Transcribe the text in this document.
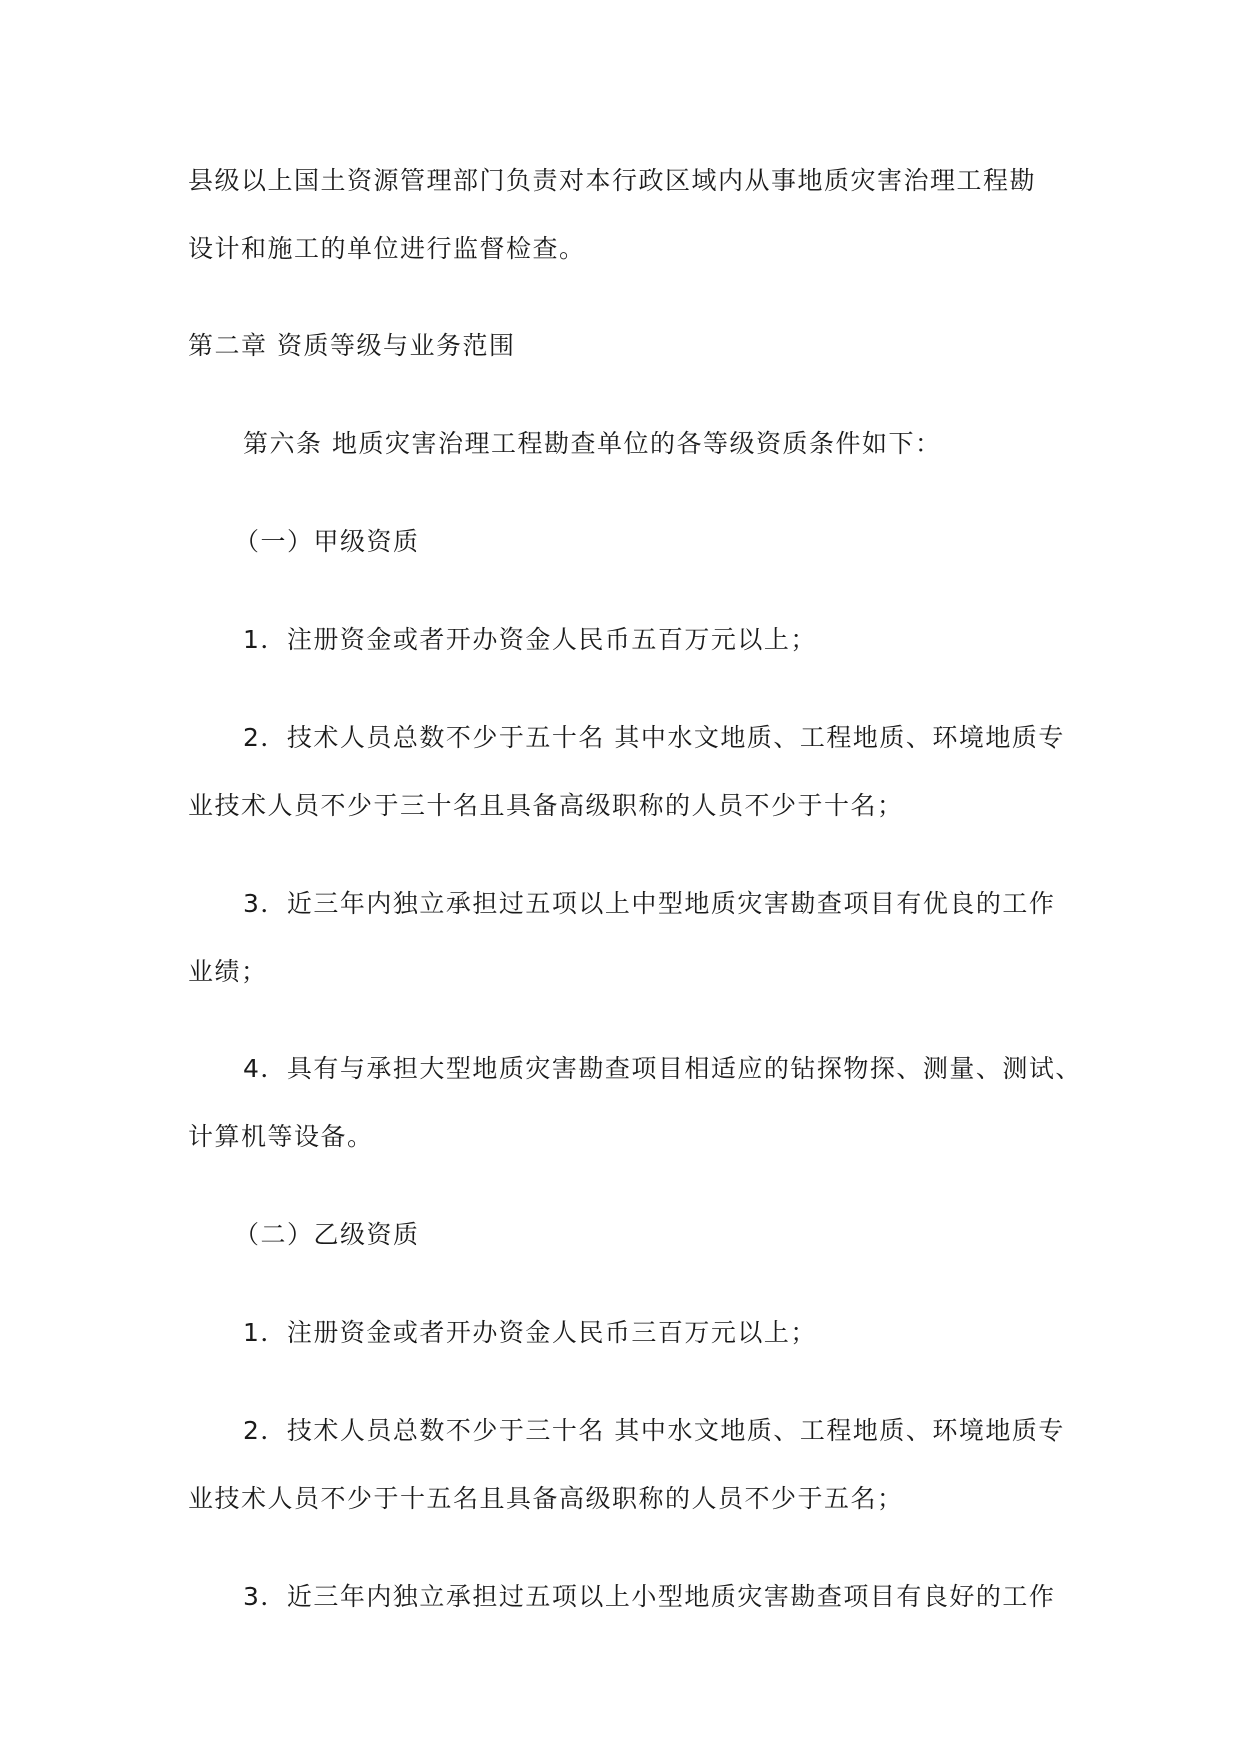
县级以上国土资源管理部门负责对本行政区域内从事地质灾害治理工程勘
设计和施工的单位进行监督检查。
第二章 资质等级与业务范围
第六条 地质灾害治理工程勘查单位的各等级资质条件如下：
（一）甲级资质
1．注册资金或者开办资金人民币五百万元以上；
2．技术人员总数不少于五十名 其中水文地质、工程地质、环境地质专
业技术人员不少于三十名且具备高级职称的人员不少于十名；
3．近三年内独立承担过五项以上中型地质灾害勘查项目有优良的工作
业绩；
4．具有与承担大型地质灾害勘查项目相适应的钻探物探、测量、测试、
计算机等设备。
（二）乙级资质
1．注册资金或者开办资金人民币三百万元以上；
2．技术人员总数不少于三十名 其中水文地质、工程地质、环境地质专
业技术人员不少于十五名且具备高级职称的人员不少于五名；
3．近三年内独立承担过五项以上小型地质灾害勘查项目有良好的工作
